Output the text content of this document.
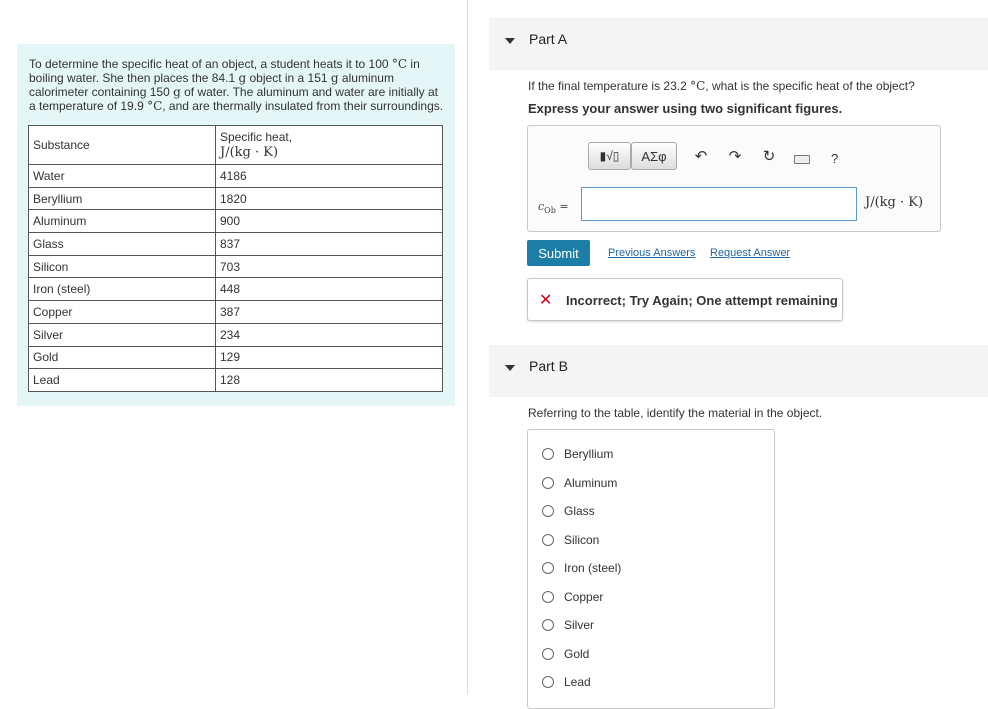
To determine the specific heat of an object, a student heats it to 100 °C in boiling water. She then places the 84.1 g object in a 151 g aluminum calorimeter containing 150 g of water. The aluminum and water are initially at a temperature of 19.9 °C, and are thermally insulated from their surroundings.
Substance	Specific heat,
J/(kg · K)

Water	4186
Beryllium	1820
Aluminum	900
Glass	837
Silicon	703
Iron (steel)	448
Copper	387
Silver	234
Gold	129
Lead	128
Part A
If the final temperature is 23.2 °C, what is the specific heat of the object?
Express your answer using two significant figures.
▮√▯ ΑΣφ ↶ ↷ ↻	?
$c_{Ob}$ =	J/(kg · K)
Submit	Previous Answers Request Answer
✕ Incorrect; Try Again; One attempt remaining
Part B
Referring to the table, identify the material in the object.
Beryllium
Aluminum
Glass
Silicon
Iron (steel)
Copper
Silver
Gold
Lead
